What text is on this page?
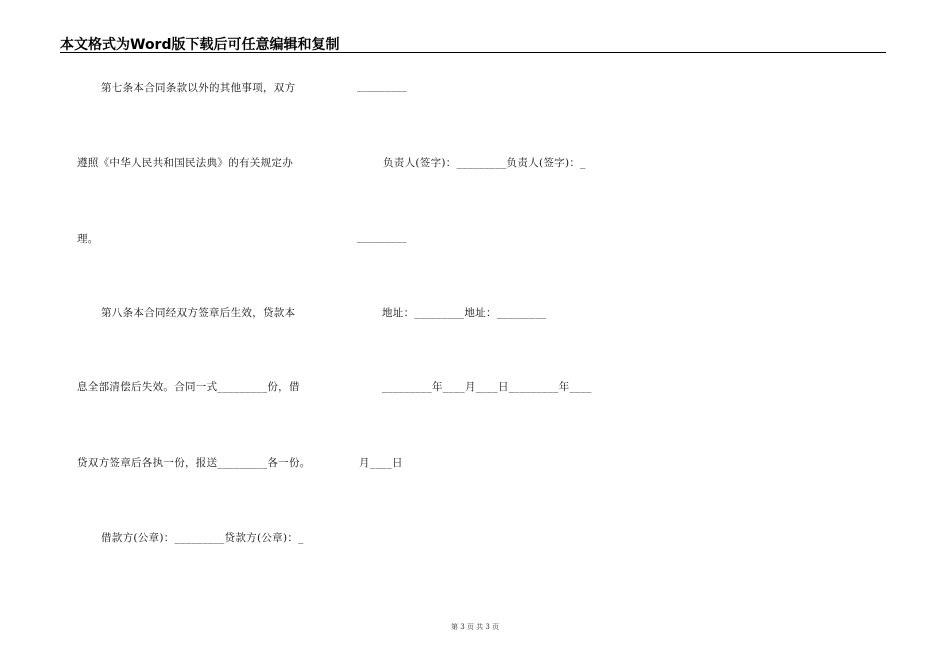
本文格式为Word版下载后可任意编辑和复制
第七条本合同条款以外的其他事项，双方
遵照《中华人民共和国民法典》的有关规定办
理。
第八条本合同经双方签章后生效，贷款本
息全部清偿后失效。合同一式_________份，借
贷双方签章后各执一份，报送_________各一份。
借款方(公章)：_________贷款方(公章)：_
_________
负责人(签字)：_________负责人(签字)：_
_________
地址：_________地址：_________
_________年____月____日_________年____
月____日
第 3 页 共 3 页
